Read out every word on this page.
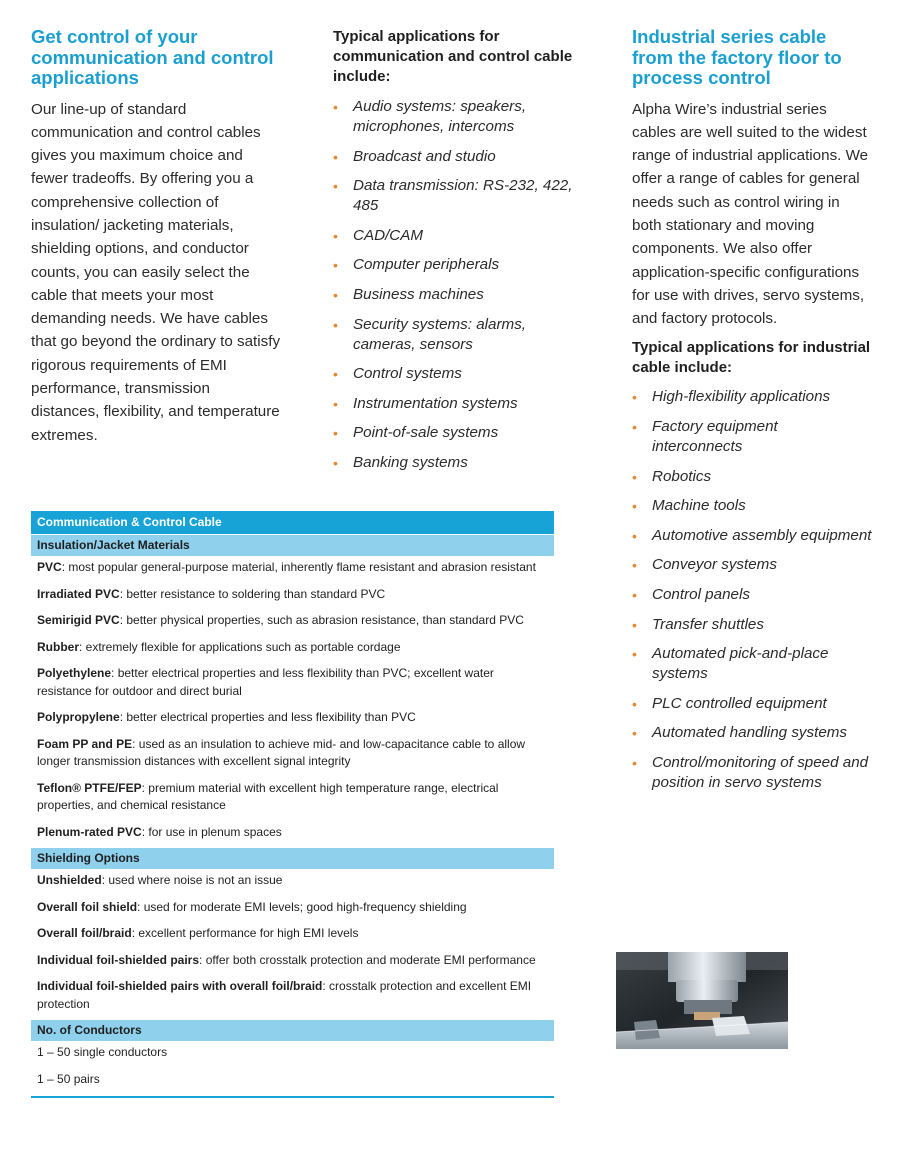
Get control of your communication and control applications

Our line-up of standard communication and control cables gives you maximum choice and fewer tradeoffs. By offering you a comprehensive collection of insulation/ jacketing materials, shielding options, and conductor counts, you can easily select the cable that meets your most demanding needs. We have cables that go beyond the ordinary to satisfy rigorous requirements of EMI performance, transmission distances, flexibility, and temperature extremes.

Typical applications for communication and control cable include:
• Audio systems: speakers, microphones, intercoms
• Broadcast and studio
• Data transmission: RS-232, 422, 485
• CAD/CAM
• Computer peripherals
• Business machines
• Security systems: alarms, cameras, sensors
• Control systems
• Instrumentation systems
• Point-of-sale systems
• Banking systems
Industrial series cable from the factory floor to process control

Alpha Wire’s industrial series cables are well suited to the widest range of industrial applications. We offer a range of cables for general needs such as control wiring in both stationary and moving components. We also offer application-specific configurations for use with drives, servo systems, and factory protocols.

Typical applications for industrial cable include:
• High-flexibility applications
• Factory equipment interconnects
• Robotics
• Machine tools
• Automotive assembly equipment
• Conveyor systems
• Control panels
• Transfer shuttles
• Automated pick-and-place systems
• PLC controlled equipment
• Automated handling systems
• Control/monitoring of speed and position in servo systems
Communication & Control Cable
Insulation/Jacket Materials
PVC: most popular general-purpose material, inherently flame resistant and abrasion resistant
Irradiated PVC: better resistance to soldering than standard PVC
Semirigid PVC: better physical properties, such as abrasion resistance, than standard PVC
Rubber: extremely flexible for applications such as portable cordage
Polyethylene: better electrical properties and less flexibility than PVC; excellent water resistance for outdoor and direct burial
Polypropylene: better electrical properties and less flexibility than PVC
Foam PP and PE: used as an insulation to achieve mid- and low-capacitance cable to allow longer transmission distances with excellent signal integrity
Teflon® PTFE/FEP: premium material with excellent high temperature range, electrical properties, and chemical resistance
Plenum-rated PVC: for use in plenum spaces
Shielding Options
Unshielded: used where noise is not an issue
Overall foil shield: used for moderate EMI levels; good high-frequency shielding
Overall foil/braid: excellent performance for high EMI levels
Individual foil-shielded pairs: offer both crosstalk protection and moderate EMI performance
Individual foil-shielded pairs with overall foil/braid: crosstalk protection and excellent EMI protection
No. of Conductors
1 – 50 single conductors
1 – 50 pairs
